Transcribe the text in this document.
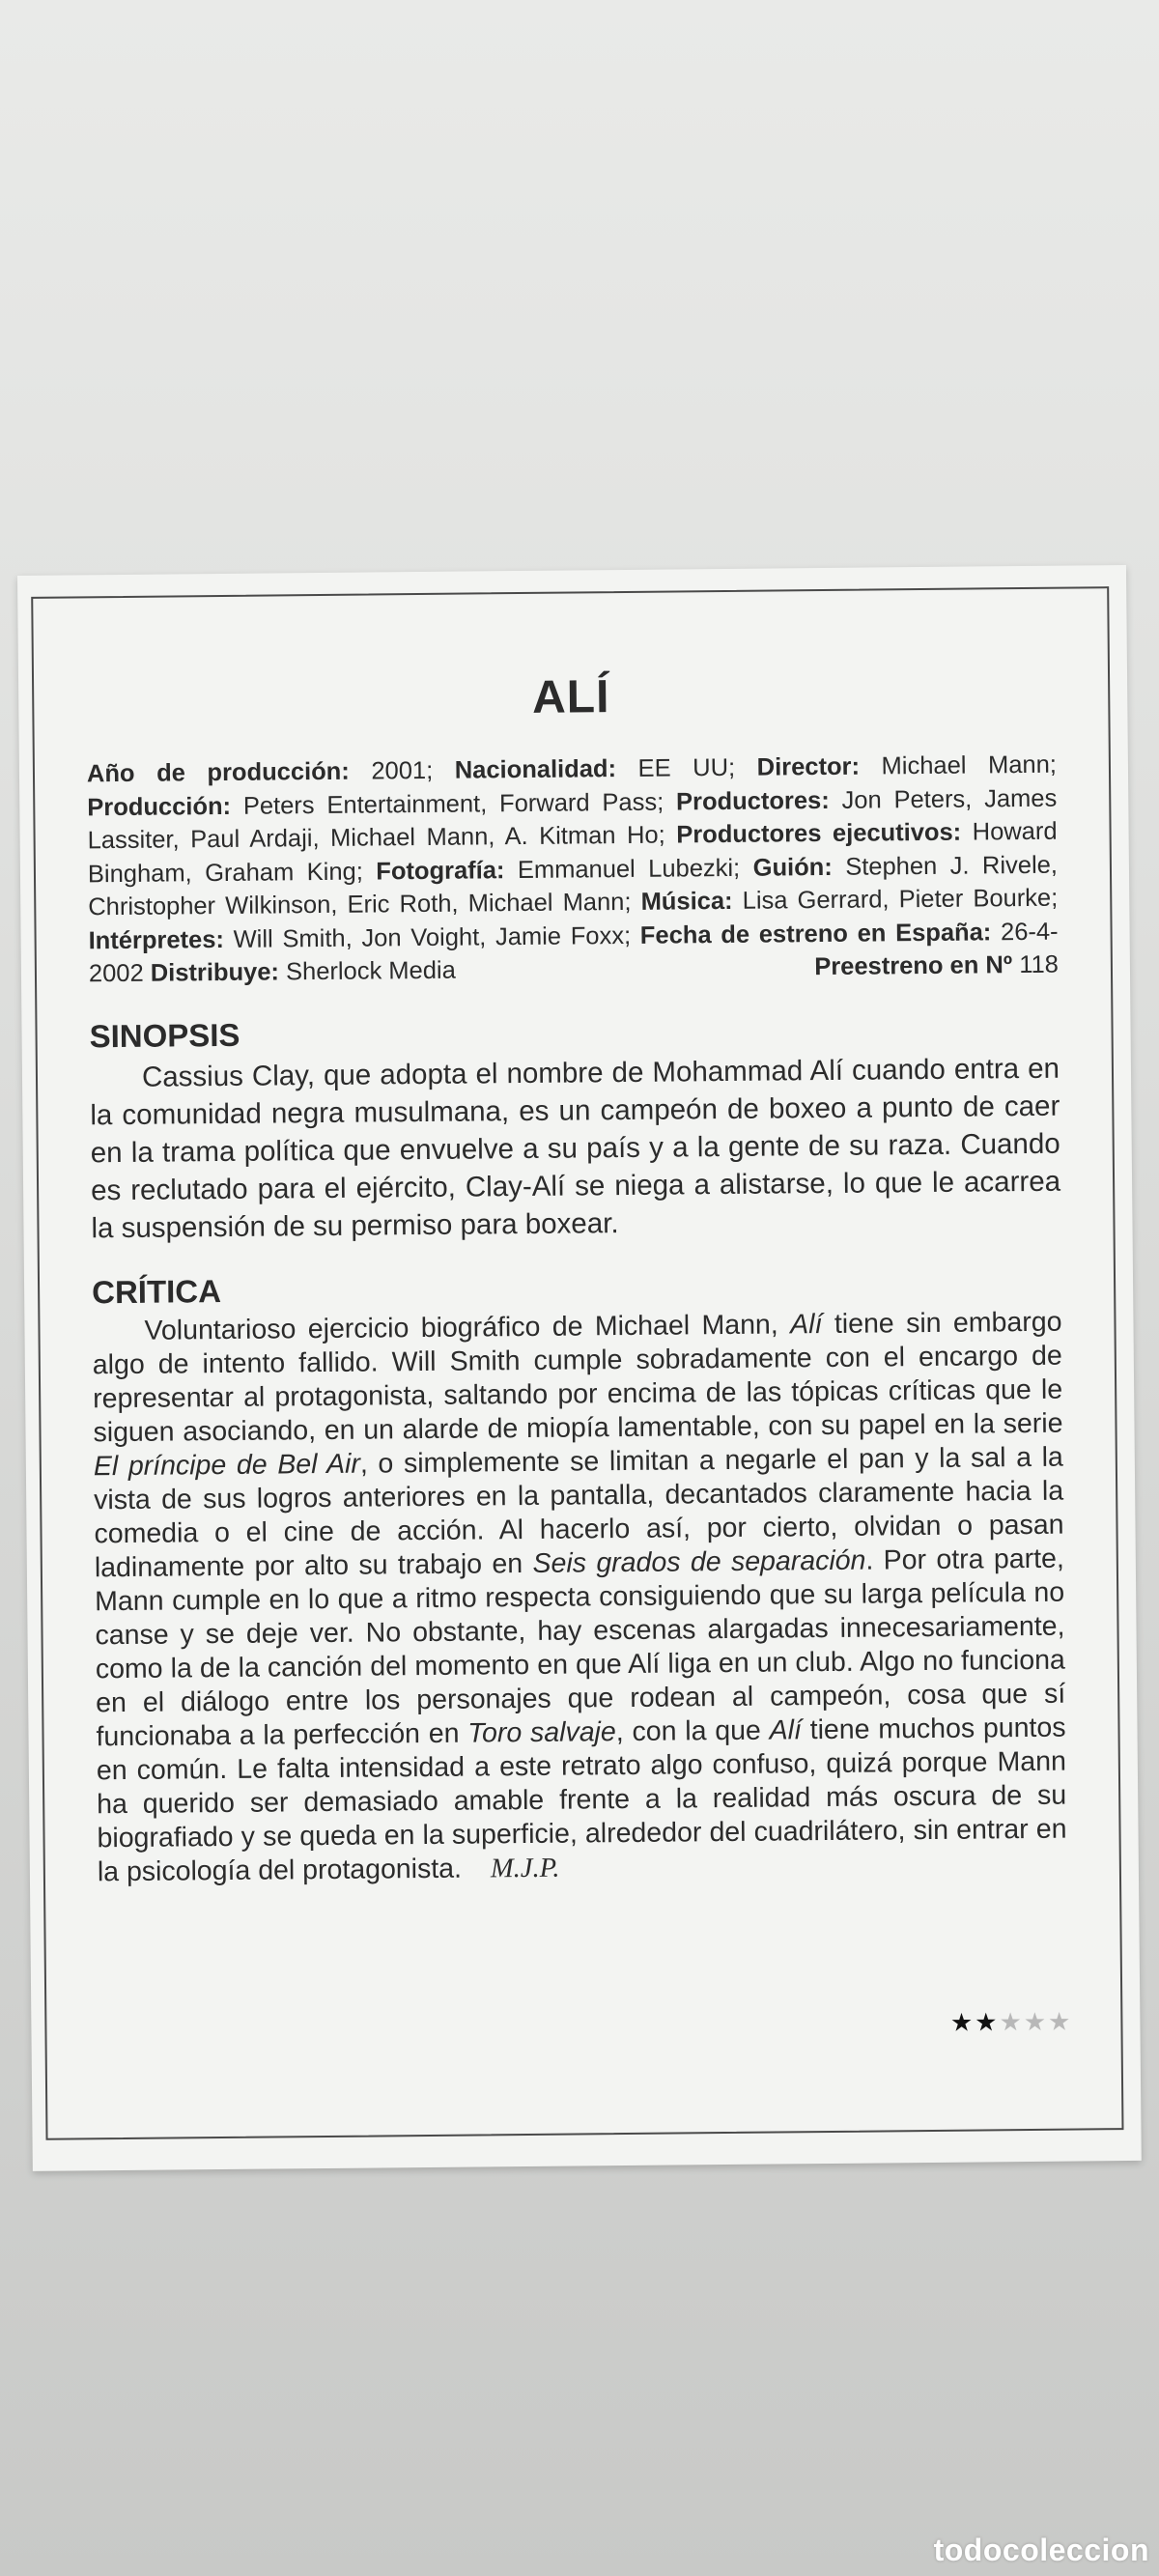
ALÍ
Año de producción: 2001; Nacionalidad: EE UU; Director: Michael Mann; Producción: Peters Entertainment, Forward Pass; Productores: Jon Peters, James Lassiter, Paul Ardaji, Michael Mann, A. Kitman Ho; Productores ejecutivos: Howard Bingham, Graham King; Fotografía: Emmanuel Lubezki; Guión: Stephen J. Rivele, Christopher Wilkinson, Eric Roth, Michael Mann; Música: Lisa Gerrard, Pieter Bourke; Intérpretes: Will Smith, Jon Voight, Jamie Foxx; Fecha de estreno en España: 26-4-2002 Distribuye: Sherlock Media	Preestreno en Nº 118
SINOPSIS

Cassius Clay, que adopta el nombre de Mohammad Alí cuando entra en la comunidad negra musulmana, es un campeón de boxeo a punto de caer en la trama política que envuelve a su país y a la gente de su raza. Cuando es reclutado para el ejército, Clay-Alí se niega a alistarse, lo que le acarrea la suspensión de su permiso para boxear.

CRÍTICA

Voluntarioso ejercicio biográfico de Michael Mann, Alí tiene sin embargo algo de intento fallido. Will Smith cumple sobradamente con el encargo de representar al protagonista, saltando por encima de las tópicas críticas que le siguen asociando, en un alarde de miopía lamentable, con su papel en la serie El príncipe de Bel Air, o simplemente se limitan a negarle el pan y la sal a la vista de sus logros anteriores en la pantalla, decantados claramente hacia la comedia o el cine de acción. Al hacerlo así, por cierto, olvidan o pasan ladinamente por alto su trabajo en Seis grados de separación. Por otra parte, Mann cumple en lo que a ritmo respecta consiguiendo que su larga película no canse y se deje ver. No obstante, hay escenas alargadas innecesariamente, como la de la canción del momento en que Alí liga en un club. Algo no funciona en el diálogo entre los personajes que rodean al campeón, cosa que sí funcionaba a la perfección en Toro salvaje, con la que Alí tiene muchos puntos en común. Le falta intensidad a este retrato algo confuso, quizá porque Mann ha querido ser demasiado amable frente a la realidad más oscura de su biografiado y se queda en la superficie, alrededor del cuadrilátero, sin entrar en la psicología del protagonista. M.J.P.

★★★★★
todocoleccion
